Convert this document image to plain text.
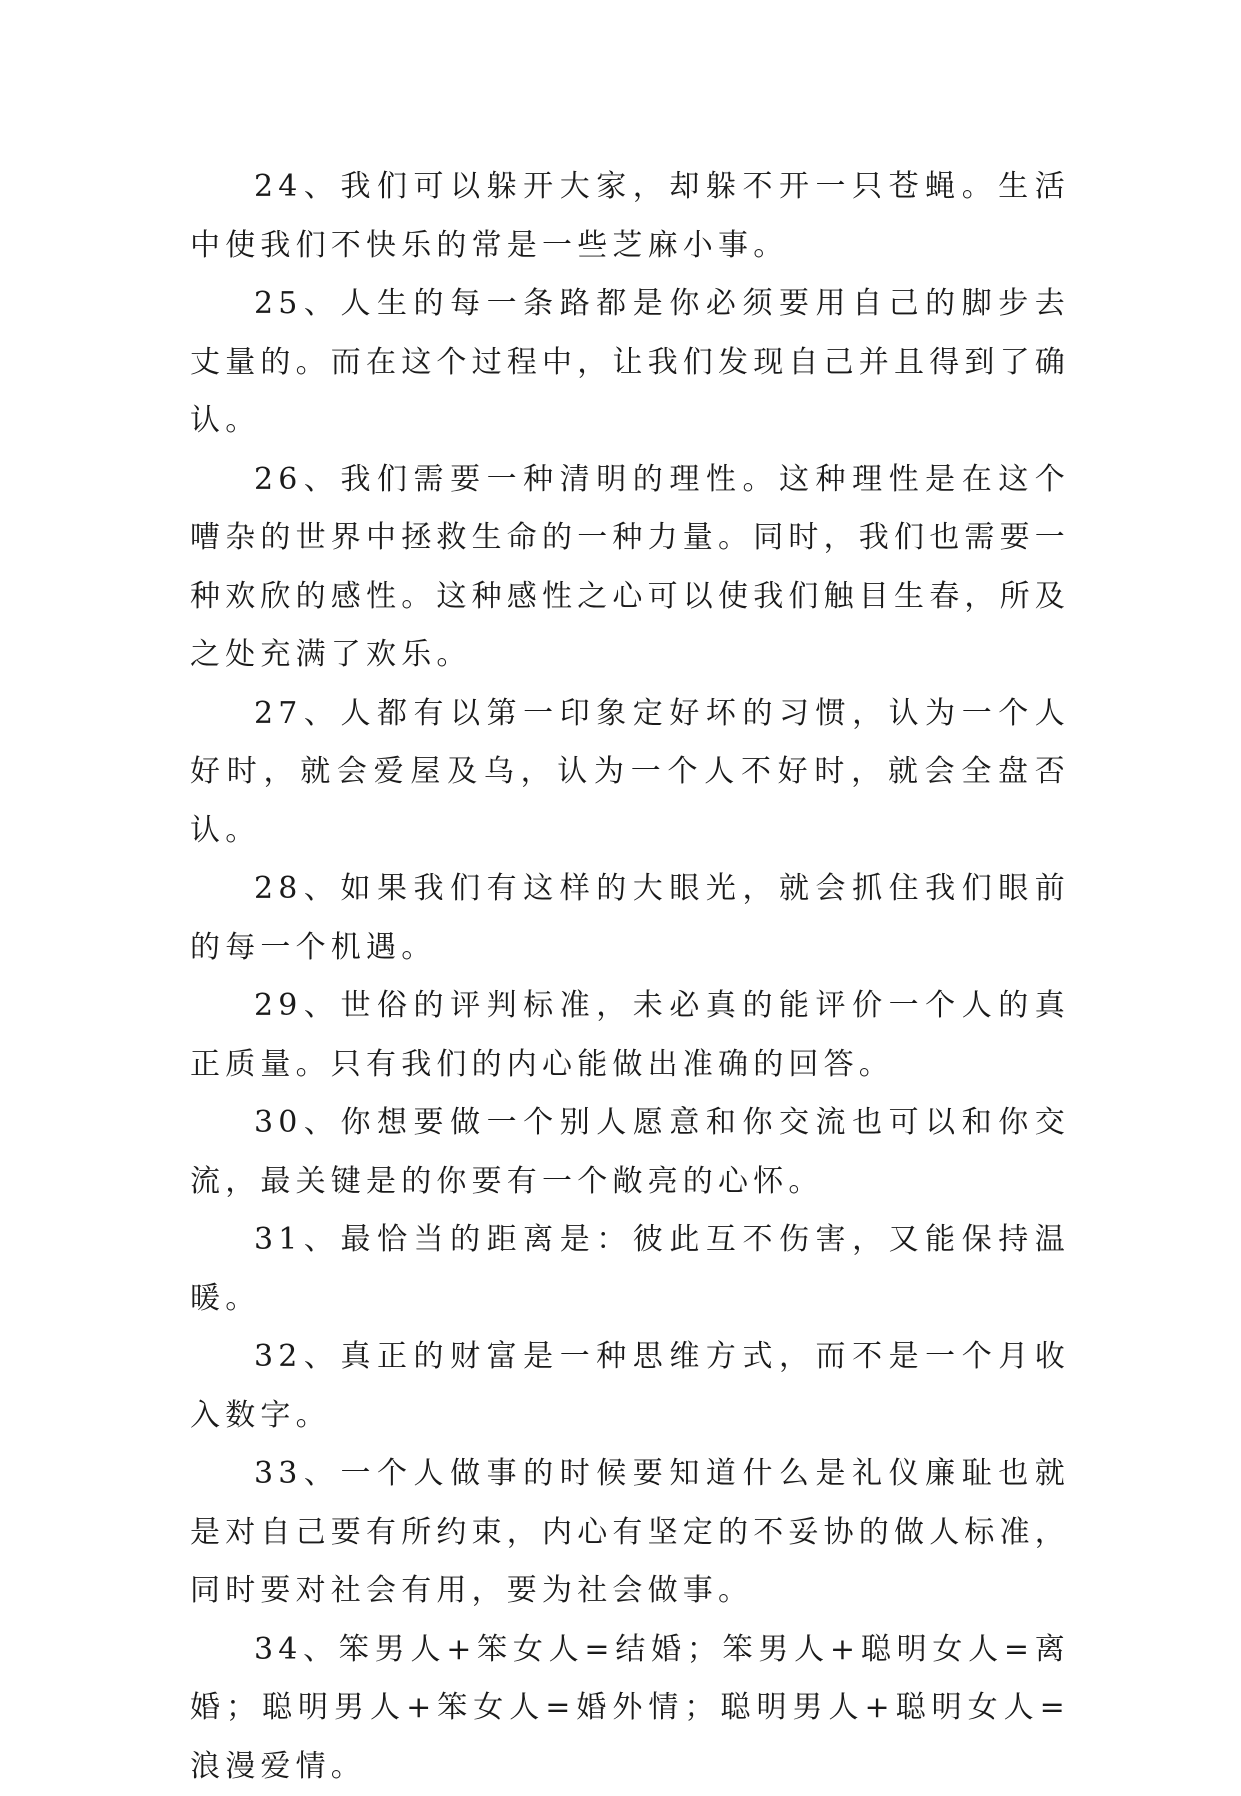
24、我们可以躲开大家，却躲不开一只苍蝇。生活中使我们不快乐的常是一些芝麻小事。

25、人生的每一条路都是你必须要用自己的脚步去丈量的。而在这个过程中，让我们发现自己并且得到了确认。

26、我们需要一种清明的理性。这种理性是在这个嘈杂的世界中拯救生命的一种力量。同时，我们也需要一种欢欣的感性。这种感性之心可以使我们触目生春，所及之处充满了欢乐。

27、人都有以第一印象定好坏的习惯，认为一个人好时，就会爱屋及乌，认为一个人不好时，就会全盘否认。

28、如果我们有这样的大眼光，就会抓住我们眼前的每一个机遇。

29、世俗的评判标准，未必真的能评价一个人的真正质量。只有我们的内心能做出准确的回答。

30、你想要做一个别人愿意和你交流也可以和你交流，最关键是的你要有一个敞亮的心怀。

31、最恰当的距离是：彼此互不伤害，又能保持温暖。

32、真正的财富是一种思维方式，而不是一个月收入数字。

33、一个人做事的时候要知道什么是礼仪廉耻也就是对自己要有所约束，内心有坚定的不妥协的做人标准，同时要对社会有用，要为社会做事。

34、笨男人+笨女人=结婚；笨男人+聪明女人=离婚；聪明男人+笨女人=婚外情；聪明男人+聪明女人=浪漫爱情。
